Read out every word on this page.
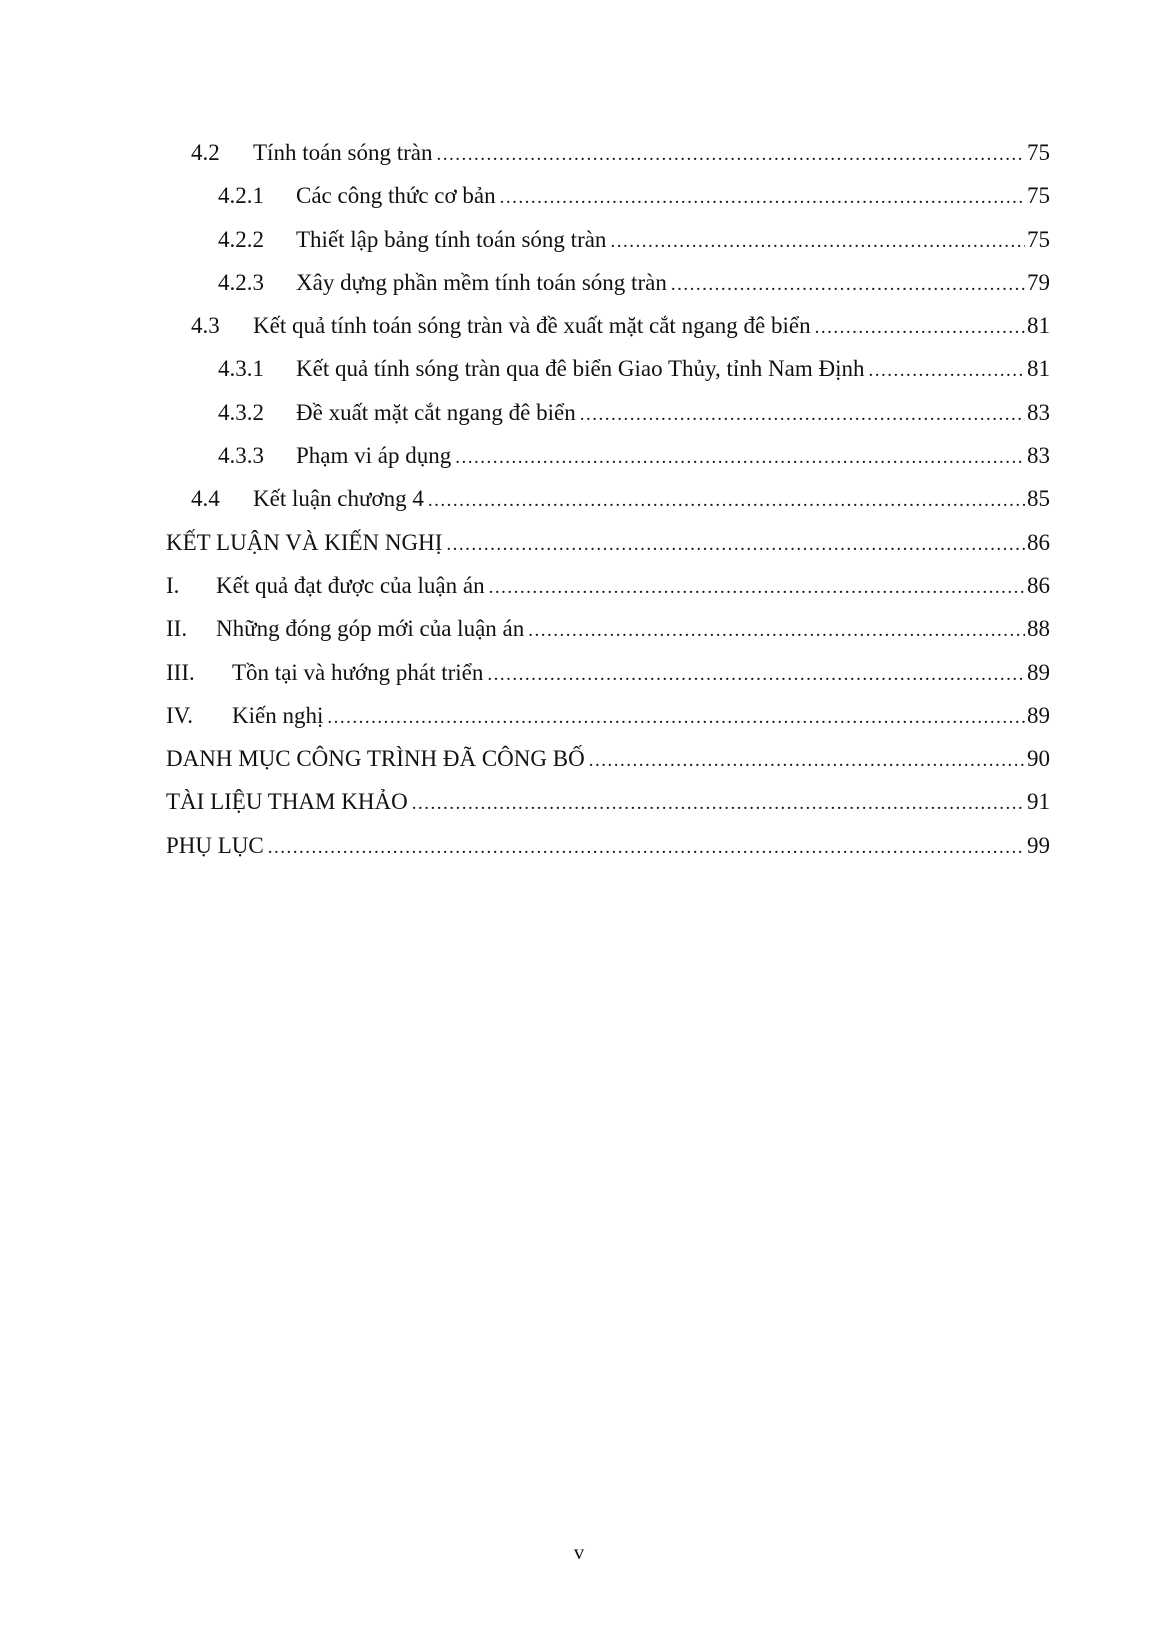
4.2 Tính toán sóng tràn .....	75
4.2.1 Các công thức cơ bản .....	75
4.2.2 Thiết lập bảng tính toán sóng tràn .....	75
4.2.3 Xây dựng phần mềm tính toán sóng tràn .....	79
4.3 Kết quả tính toán sóng tràn và đề xuất mặt cắt ngang đê biển .....	81
4.3.1 Kết quả tính sóng tràn qua đê biển Giao Thủy, tỉnh Nam Định .....	81
4.3.2 Đề xuất mặt cắt ngang đê biển .....	83
4.3.3 Phạm vi áp dụng .....	83
4.4 Kết luận chương 4 .....	85
KẾT LUẬN VÀ KIẾN NGHỊ .....	86
I. Kết quả đạt được của luận án .....	86
II. Những đóng góp mới của luận án .....	88
III. Tồn tại và hướng phát triển .....	89
IV. Kiến nghị .....	89
DANH MỤC CÔNG TRÌNH ĐÃ CÔNG BỐ .....	90
TÀI LIỆU THAM KHẢO .....	91
PHỤ LỤC .....	99
v
